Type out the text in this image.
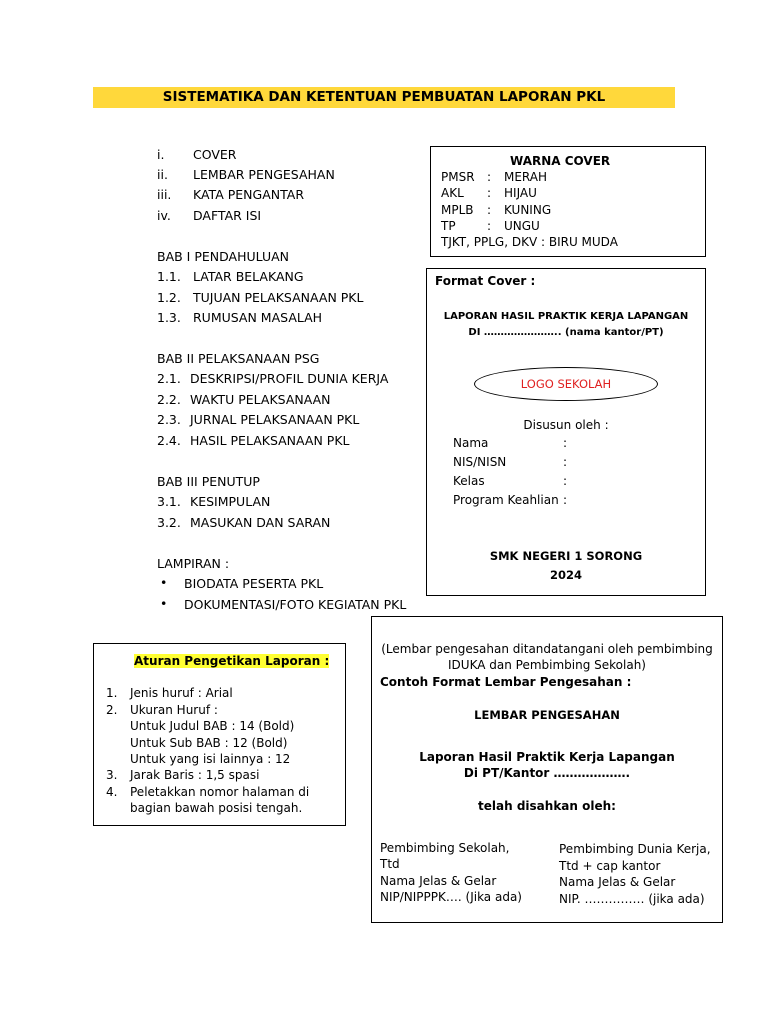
SISTEMATIKA DAN KETENTUAN PEMBUATAN LAPORAN PKL
i. COVER
ii. LEMBAR PENGESAHAN
iii. KATA PENGANTAR
iv. DAFTAR ISI
BAB I PENDAHULUAN
1.1. LATAR BELAKANG
1.2. TUJUAN PELAKSANAAN PKL
1.3. RUMUSAN MASALAH
BAB II PELAKSANAAN PSG
2.1. DESKRIPSI/PROFIL DUNIA KERJA
2.2. WAKTU PELAKSANAAN
2.3. JURNAL PELAKSANAAN PKL
2.4. HASIL PELAKSANAAN PKL
BAB III PENUTUP
3.1. KESIMPULAN
3.2. MASUKAN DAN SARAN
LAMPIRAN :
• BIODATA PESERTA PKL
• DOKUMENTASI/FOTO KEGIATAN PKL
WARNA COVER
PMSR : MERAH
AKL : HIJAU
MPLB : KUNING
TP	: UNGU
TJKT, PPLG, DKV : BIRU MUDA
Format Cover :
LAPORAN HASIL PRAKTIK KERJA LAPANGAN
DI ………………….. (nama kantor/PT)
LOGO SEKOLAH
Disusun oleh :
Nama	:
NIS/NISN	:
Kelas	:
Program Keahlian :
SMK NEGERI 1 SORONG
2024
Aturan Pengetikan Laporan :
1. Jenis huruf : Arial
2. Ukuran Huruf :
Untuk Judul BAB : 14 (Bold)
Untuk Sub BAB : 12 (Bold)
Untuk yang isi lainnya : 12
3. Jarak Baris : 1,5 spasi
4. Peletakkan nomor halaman di
bagian bawah posisi tengah.
(Lembar pengesahan ditandatangani oleh pembimbing
IDUKA dan Pembimbing Sekolah)
Contoh Format Lembar Pengesahan :
LEMBAR PENGESAHAN
Laporan Hasil Praktik Kerja Lapangan
Di PT/Kantor ……………….
telah disahkan oleh:
Pembimbing Sekolah,
Ttd
Nama Jelas & Gelar
NIP/NIPPPK…. (Jika ada)
Pembimbing Dunia Kerja,
Ttd + cap kantor
Nama Jelas & Gelar
NIP. …………… (jika ada)
